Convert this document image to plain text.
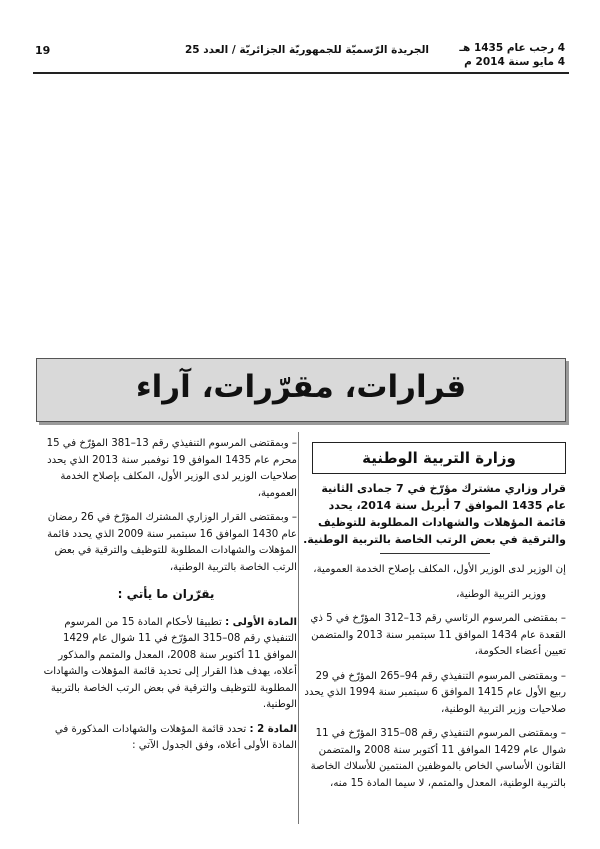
19	الجريدة الرّسميّة للجمهوريّة الجزائريّة / العدد 25	4 رجب عام 1435 هـ
4 مايو سنة 2014 م
قرارات، مقرّرات، آراء
وزارة التربية الوطنية
قرار وزاري مشترك مؤرّخ في 7 جمادى الثانية عام 1435 الموافق 7 أبريل سنة 2014، يحدد قائمة المؤهلات والشهادات المطلوبة للتوظيف والترقية في بعض الرتب الخاصة بالتربية الوطنية.

إن الوزير لدى الوزير الأول، المكلف بإصلاح الخدمة العمومية،

ووزير التربية الوطنية،

– بمقتضى المرسوم الرئاسي رقم 13–312 المؤرّخ في 5 ذي القعدة عام 1434 الموافق 11 سبتمبر سنة 2013 والمتضمن تعيين أعضاء الحكومة،

– وبمقتضى المرسوم التنفيذي رقم 94–265 المؤرّخ في 29 ربيع الأول عام 1415 الموافق 6 سبتمبر سنة 1994 الذي يحدد صلاحيات وزير التربية الوطنية،

– وبمقتضى المرسوم التنفيذي رقم 08–315 المؤرّخ في 11 شوال عام 1429 الموافق 11 أكتوبر سنة 2008 والمتضمن القانون الأساسي الخاص بالموظفين المنتمين للأسلاك الخاصة بالتربية الوطنية، المعدل والمتمم، لا سيما المادة 15 منه،

– وبمقتضى المرسوم التنفيذي رقم 13–381 المؤرّخ في 15 محرم عام 1435 الموافق 19 نوفمبر سنة 2013 الذي يحدد صلاحيات الوزير لدى الوزير الأول، المكلف بإصلاح الخدمة العمومية،

– وبمقتضى القرار الوزاري المشترك المؤرّخ في 26 رمضان عام 1430 الموافق 16 سبتمبر سنة 2009 الذي يحدد قائمة المؤهلات والشهادات المطلوبة للتوظيف والترقية في بعض الرتب الخاصة بالتربية الوطنية،

يقرّران ما يأتي :

المادة الأولى : تطبيقا لأحكام المادة 15 من المرسوم التنفيذي رقم 08–315 المؤرّخ في 11 شوال عام 1429 الموافق 11 أكتوبر سنة 2008، المعدل والمتمم والمذكور أعلاه، يهدف هذا القرار إلى تحديد قائمة المؤهلات والشهادات المطلوبة للتوظيف والترقية في بعض الرتب الخاصة بالتربية الوطنية.

المادة 2 : تحدد قائمة المؤهلات والشهادات المذكورة في المادة الأولى أعلاه، وفق الجدول الآتي :
